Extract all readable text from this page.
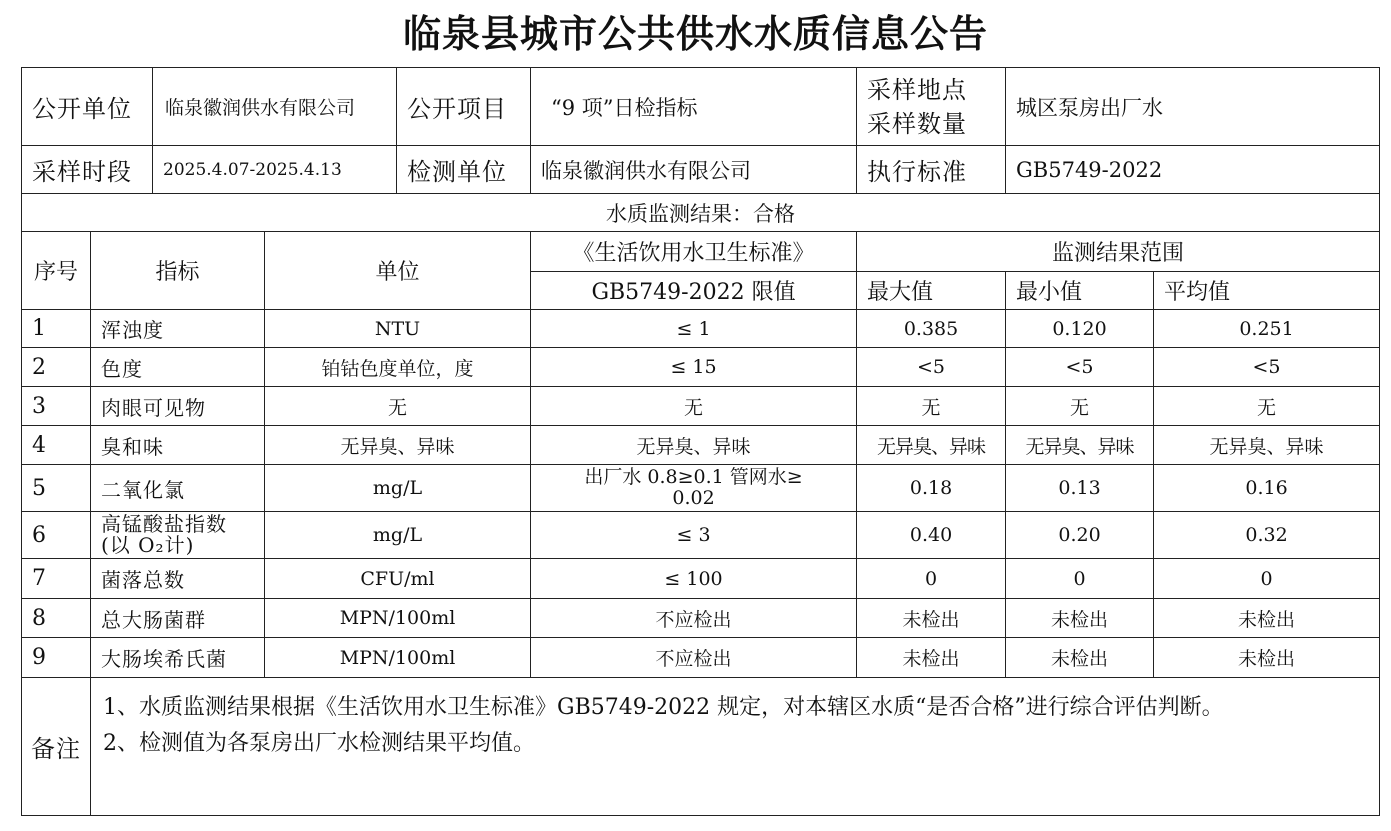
临泉县城市公共供水水质信息公告
公开单位		临泉徽润供水有限公司		公开项目	“9 项”日检指标	采样地点
采样数量	城区泵房出厂水	
采样时段		2025.4.07-2025.4.13		检测单位	临泉徽润供水有限公司	执行标准	GB5749-2022	
水质监测结果：合格								
序号	指标		单位		《生活饮用水卫生标准》	监测结果范围		
					GB5749-2022 限值	最大值	最小值	平均值
1	浑浊度		NTU		≤ 1	0.385	0.120	0.251
2	色度		铂钴色度单位，度		≤ 15	<5	<5	<5
3	肉眼可见物		无		无	无	无	无
4	臭和味		无异臭、异味		无异臭、异味	无异臭、异味	无异臭、异味	无异臭、异味
5	二氧化氯		mg/L		出厂水 0.8≥0.1 管网水≥
0.02	0.18	0.13	0.16
6	高锰酸盐指数
(以 O₂计)		mg/L		≤ 3	0.40	0.20	0.32
7	菌落总数		CFU/ml		≤ 100	0	0	0
8	总大肠菌群		MPN/100ml		不应检出	未检出	未检出	未检出
9	大肠埃希氏菌		MPN/100ml		不应检出	未检出	未检出	未检出
备注	1、水质监测结果根据《生活饮用水卫生标准》GB5749-2022 规定，对本辖区水质“是否合格”进行综合评估判断。

2、检测值为各泵房出厂水检测结果平均值。							
